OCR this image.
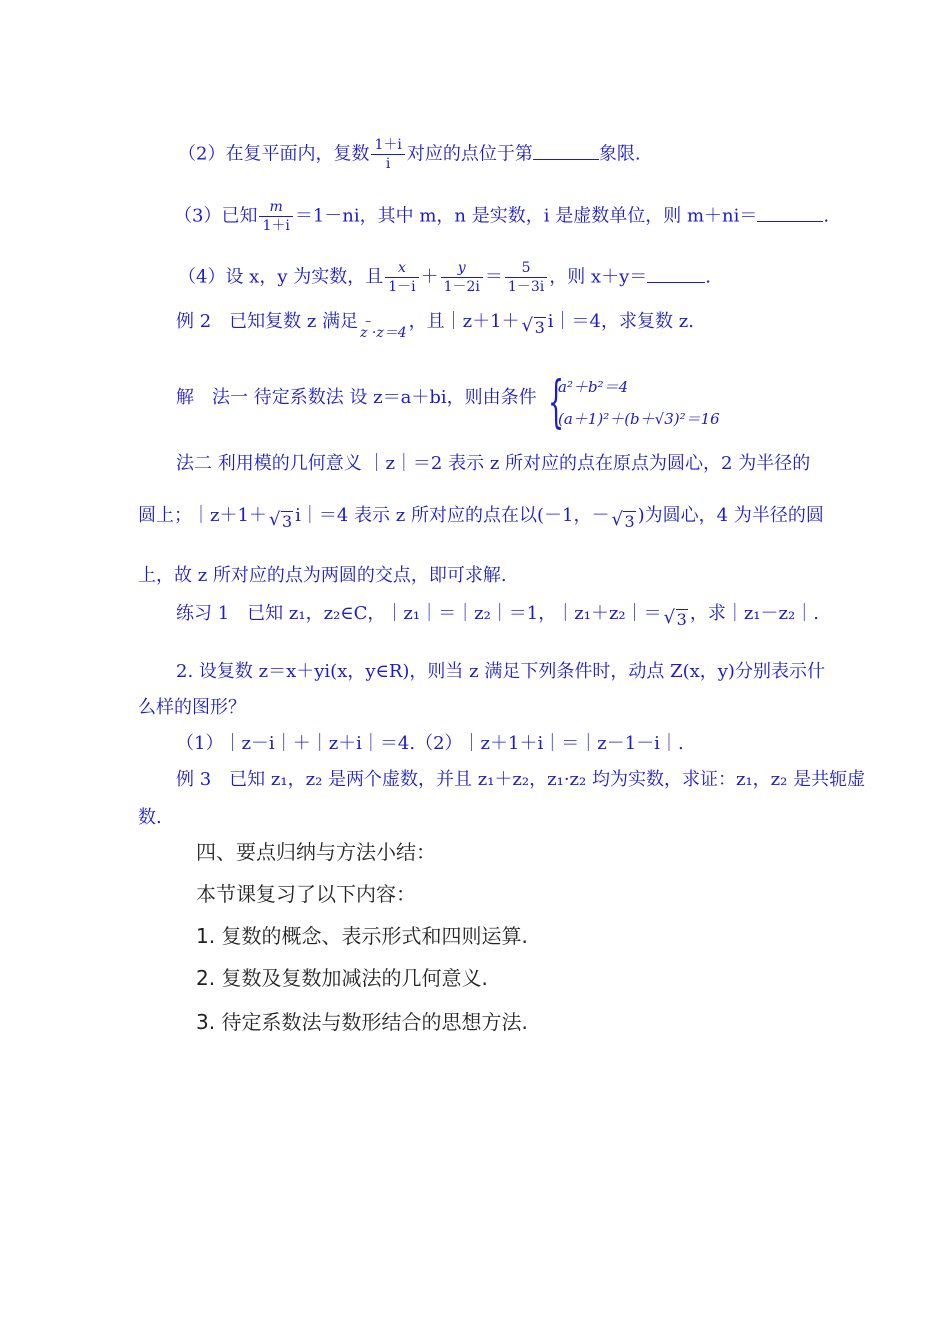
（2）在复平面内，复数 $\frac{1+i}{i}$ 对应的点位于第	象限.
（3）已知 $\frac{m}{1+i} =1-ni$，其中 m，n 是实数，i 是虚数单位，则 m＋ni＝	.
（4）设 x，y 为实数，且 $\frac{x}{1-i} + \frac{y}{1-2i} = \frac{5}{1-3i}$ ，则 x＋y＝	.
例 2　已知复数 z 满足 –
z ·z＝4，且｜z＋1＋ √ 3 i｜＝4，求复数 z.
解　法一 待定系数法 设 z＝a＋bi，则由条件 {
a²＋b²＝4
(a＋1)²＋(b＋√3)²＝16
法二 利用模的几何意义 ｜z｜＝2 表示 z 所对应的点在原点为圆心，2 为半径的
圆上；｜z＋1＋ √ 3 i｜＝4 表示 z 所对应的点在以(－1，－ √ 3 )为圆心，4 为半径的圆
上，故 z 所对应的点为两圆的交点，即可求解.
练习 1　已知 z₁，z₂∈C，｜z₁｜＝｜z₂｜＝1，｜z₁＋z₂｜＝ √ 3 ，求｜z₁－z₂｜.
2. 设复数 z＝x＋yi(x，y∈R)，则当 z 满足下列条件时，动点 Z(x，y)分别表示什
么样的图形？
（1）｜z－i｜＋｜z＋i｜＝4.（2）｜z＋1＋i｜＝｜z－1－i｜.
例 3　已知 z₁，z₂ 是两个虚数，并且 z₁＋z₂，z₁·z₂ 均为实数，求证：z₁，z₂ 是共轭虚
数.
四、要点归纳与方法小结：
本节课复习了以下内容：
1. 复数的概念、表示形式和四则运算.
2. 复数及复数加减法的几何意义.
3. 待定系数法与数形结合的思想方法.
